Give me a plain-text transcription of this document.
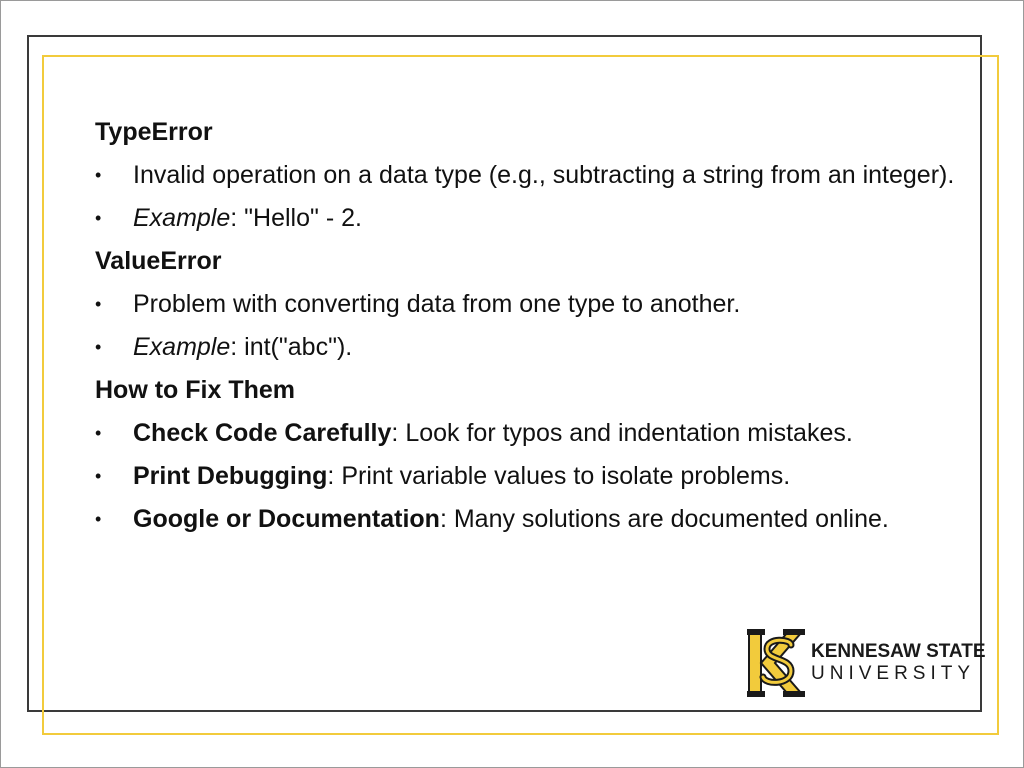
TypeError
•	Invalid operation on a data type (e.g., subtracting a string from an integer).
•	Example: "Hello" - 2.
ValueError
•	Problem with converting data from one type to another.
•	Example: int("abc").
How to Fix Them
•	Check Code Carefully: Look for typos and indentation mistakes.
•	Print Debugging: Print variable values to isolate problems.
•	Google or Documentation: Many solutions are documented online.
KENNESAW STATE
UNIVERSITY
